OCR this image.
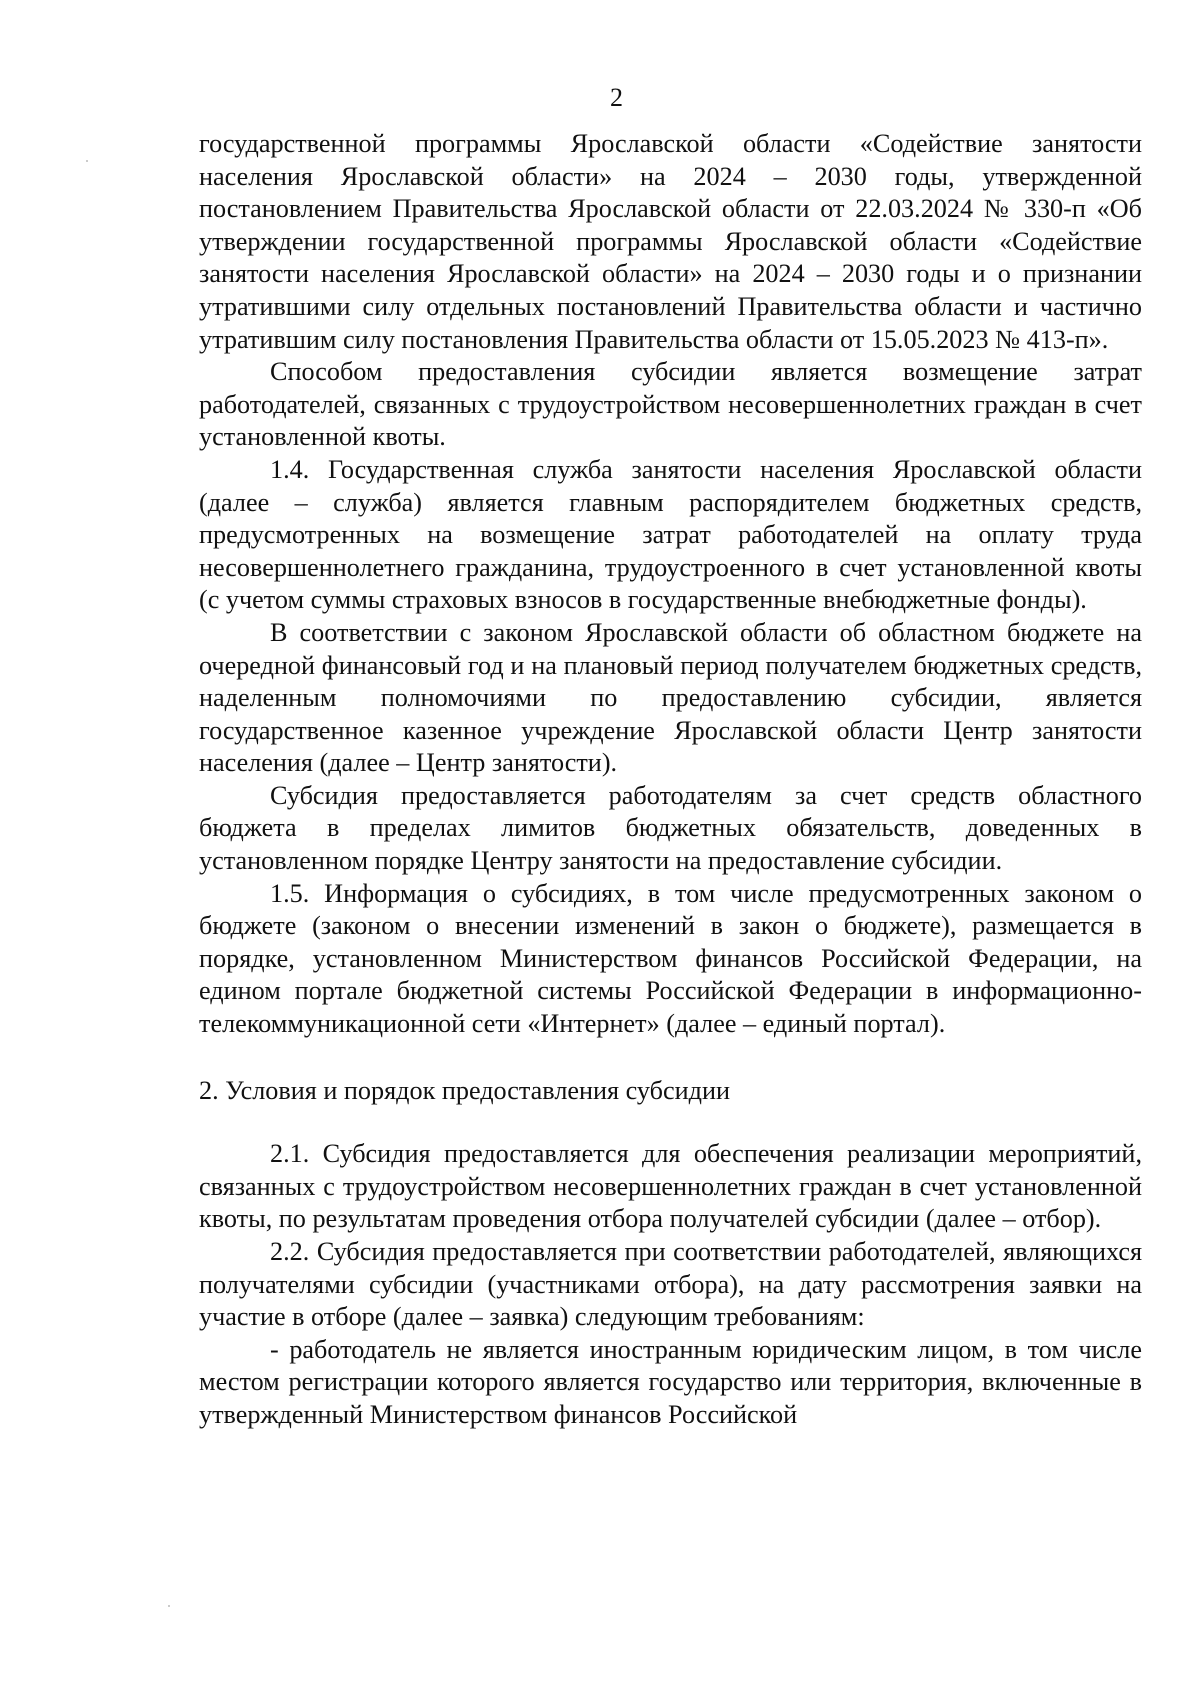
2

государственной программы Ярославской области «Содействие занятости населения Ярославской области» на 2024 – 2030 годы, утвержденной постановлением Правительства Ярославской области от 22.03.2024 № 330-п «Об утверждении государственной программы Ярославской области «Содействие занятости населения Ярославской области» на 2024 – 2030 годы и о признании утратившими силу отдельных постановлений Правительства области и частично утратившим силу постановления Правительства области от 15.05.2023 № 413-п».

Способом предоставления субсидии является возмещение затрат работодателей, связанных с трудоустройством несовершеннолетних граждан в счет установленной квоты.

1.4. Государственная служба занятости населения Ярославской области (далее – служба) является главным распорядителем бюджетных средств, предусмотренных на возмещение затрат работодателей на оплату труда несовершеннолетнего гражданина, трудоустроенного в счет установленной квоты (с учетом суммы страховых взносов в государственные внебюджетные фонды).

В соответствии с законом Ярославской области об областном бюджете на очередной финансовый год и на плановый период получателем бюджетных средств, наделенным полномочиями по предоставлению субсидии, является государственное казенное учреждение Ярославской области Центр занятости населения (далее – Центр занятости).

Субсидия предоставляется работодателям за счет средств областного бюджета в пределах лимитов бюджетных обязательств, доведенных в установленном порядке Центру занятости на предоставление субсидии.

1.5. Информация о субсидиях, в том числе предусмотренных законом о бюджете (законом о внесении изменений в закон о бюджете), размещается в порядке, установленном Министерством финансов Российской Федерации, на едином портале бюджетной системы Российской Федерации в информационно-телекоммуникационной сети «Интернет» (далее – единый портал).

2. Условия и порядок предоставления субсидии

2.1. Субсидия предоставляется для обеспечения реализации мероприятий, связанных с трудоустройством несовершеннолетних граждан в счет установленной квоты, по результатам проведения отбора получателей субсидии (далее – отбор).

2.2. Субсидия предоставляется при соответствии работодателей, являющихся получателями субсидии (участниками отбора), на дату рассмотрения заявки на участие в отборе (далее – заявка) следующим требованиям:

- работодатель не является иностранным юридическим лицом, в том числе местом регистрации которого является государство или территория, включенные в утвержденный Министерством финансов Российской
